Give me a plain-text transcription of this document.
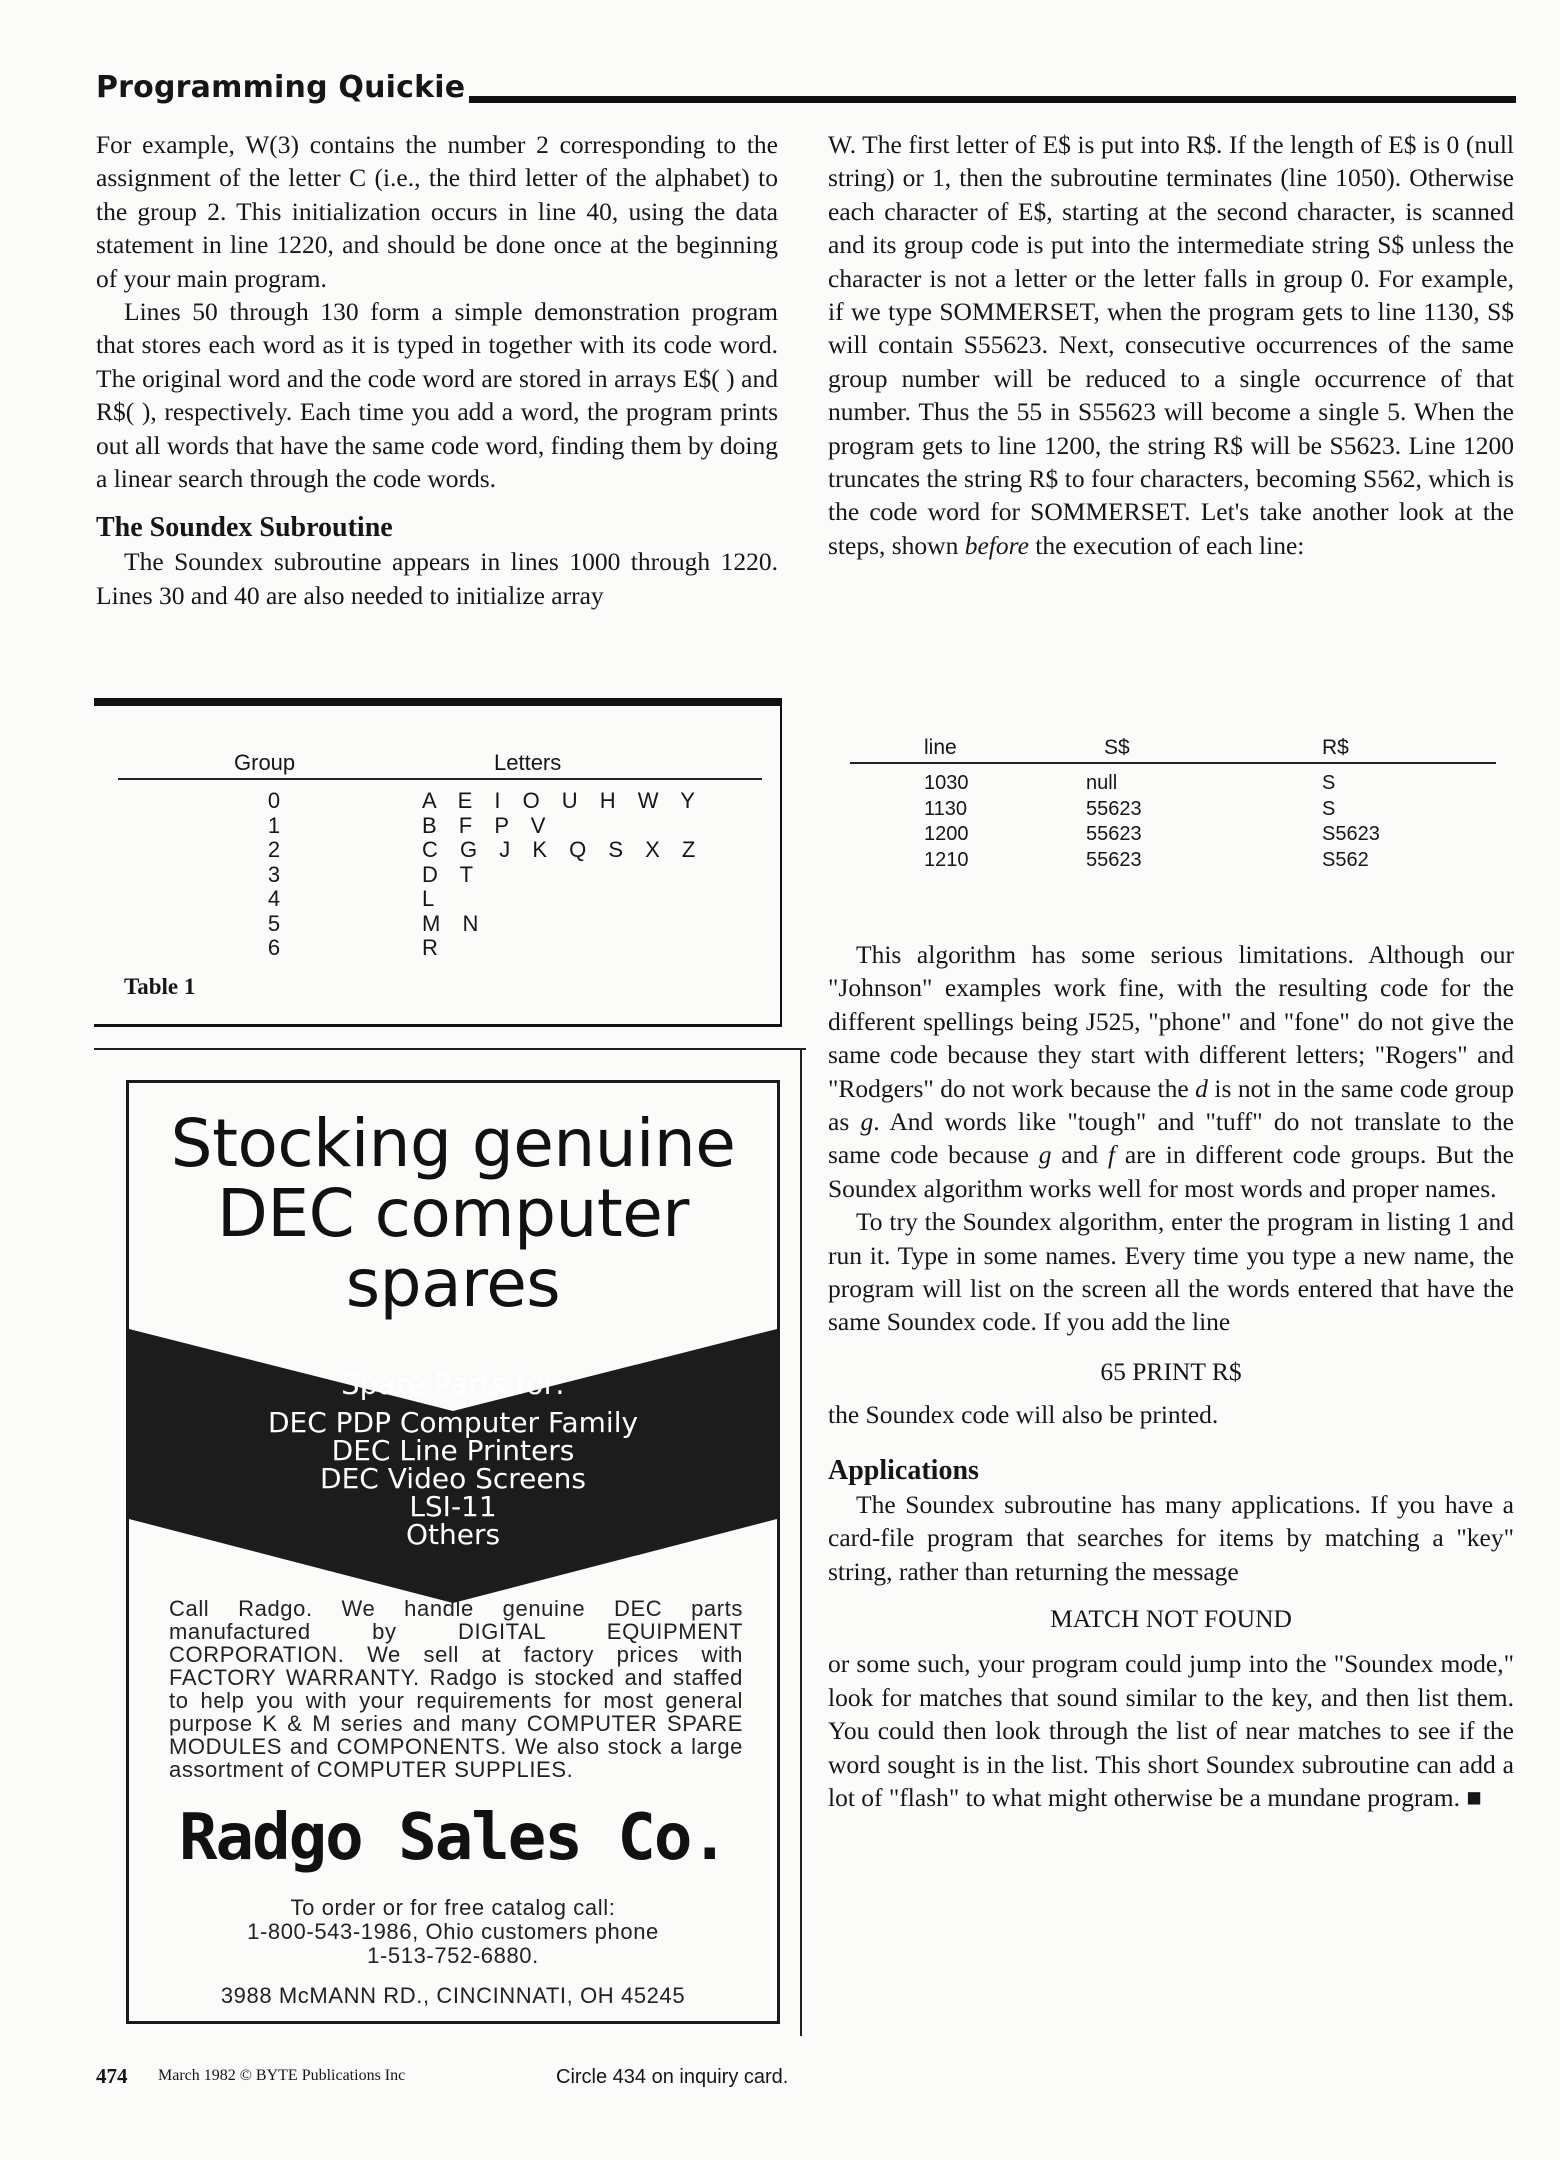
Programming Quickie

For example, W(3) contains the number 2 corresponding to the assignment of the letter C (i.e., the third letter of the alphabet) to the group 2. This initialization occurs in line 40, using the data statement in line 1220, and should be done once at the beginning of your main program.

Lines 50 through 130 form a simple demonstration program that stores each word as it is typed in together with its code word. The original word and the code word are stored in arrays E$( ) and R$( ), respectively. Each time you add a word, the program prints out all words that have the same code word, finding them by doing a linear search through the code words.

The Soundex Subroutine

The Soundex subroutine appears in lines 1000 through 1220. Lines 30 and 40 are also needed to initialize array

W. The first letter of E$ is put into R$. If the length of E$ is 0 (null string) or 1, then the subroutine terminates (line 1050). Otherwise each character of E$, starting at the second character, is scanned and its group code is put into the intermediate string S$ unless the character is not a letter or the letter falls in group 0. For example, if we type SOMMERSET, when the program gets to line 1130, S$ will contain S55623. Next, consecutive occurrences of the same group number will be reduced to a single occurrence of that number. Thus the 55 in S55623 will become a single 5. When the program gets to line 1200, the string R$ will be S5623. Line 1200 truncates the string R$ to four characters, becoming S562, which is the code word for SOMMERSET. Let's take another look at the steps, shown before the execution of each line:

Group	Letters
0	A E I O U H W Y
1	B F P V
2	C G J K Q S X Z
3	D T
4	L
5	M N
6	R
Table 1
line	S$	R$
1030	null	S
1130	55623	S
1200	55623	S5623
1210	55623	S562

This algorithm has some serious limitations. Although our "Johnson" examples work fine, with the resulting code for the different spellings being J525, "phone" and "fone" do not give the same code because they start with different letters; "Rogers" and "Rodgers" do not work because the d is not in the same code group as g. And words like "tough" and "tuff" do not translate to the same code because g and f are in different code groups. But the Soundex algorithm works well for most words and proper names.

To try the Soundex algorithm, enter the program in listing 1 and run it. Type in some names. Every time you type a new name, the program will list on the screen all the words entered that have the same Soundex code. If you add the line

65 PRINT R$

the Soundex code will also be printed.

Applications

The Soundex subroutine has many applications. If you have a card-file program that searches for items by matching a "key" string, rather than returning the message

MATCH NOT FOUND

or some such, your program could jump into the "Soundex mode," look for matches that sound similar to the key, and then list them. You could then look through the list of near matches to see if the word sought is in the list. This short Soundex subroutine can add a lot of "flash" to what might otherwise be a mundane program. ■

Stocking genuine
DEC computer
spares
Spare Parts for:
DEC PDP Computer Family
DEC Line Printers
DEC Video Screens
LSI-11
Others
Call Radgo. We handle genuine DEC parts manufactured by DIGITAL EQUIPMENT CORPORATION. We sell at factory prices with FACTORY WARRANTY. Radgo is stocked and staffed to help you with your requirements for most general purpose K & M series and many COMPUTER SPARE MODULES and COMPONENTS. We also stock a large assortment of COMPUTER SUPPLIES.
Radgo Sales Co.
To order or for free catalog call:
1-800-543-1986, Ohio customers phone
1-513-752-6880.
3988 McMANN RD., CINCINNATI, OH 45245
474 March 1982 © BYTE Publications Inc	Circle 434 on inquiry card.
